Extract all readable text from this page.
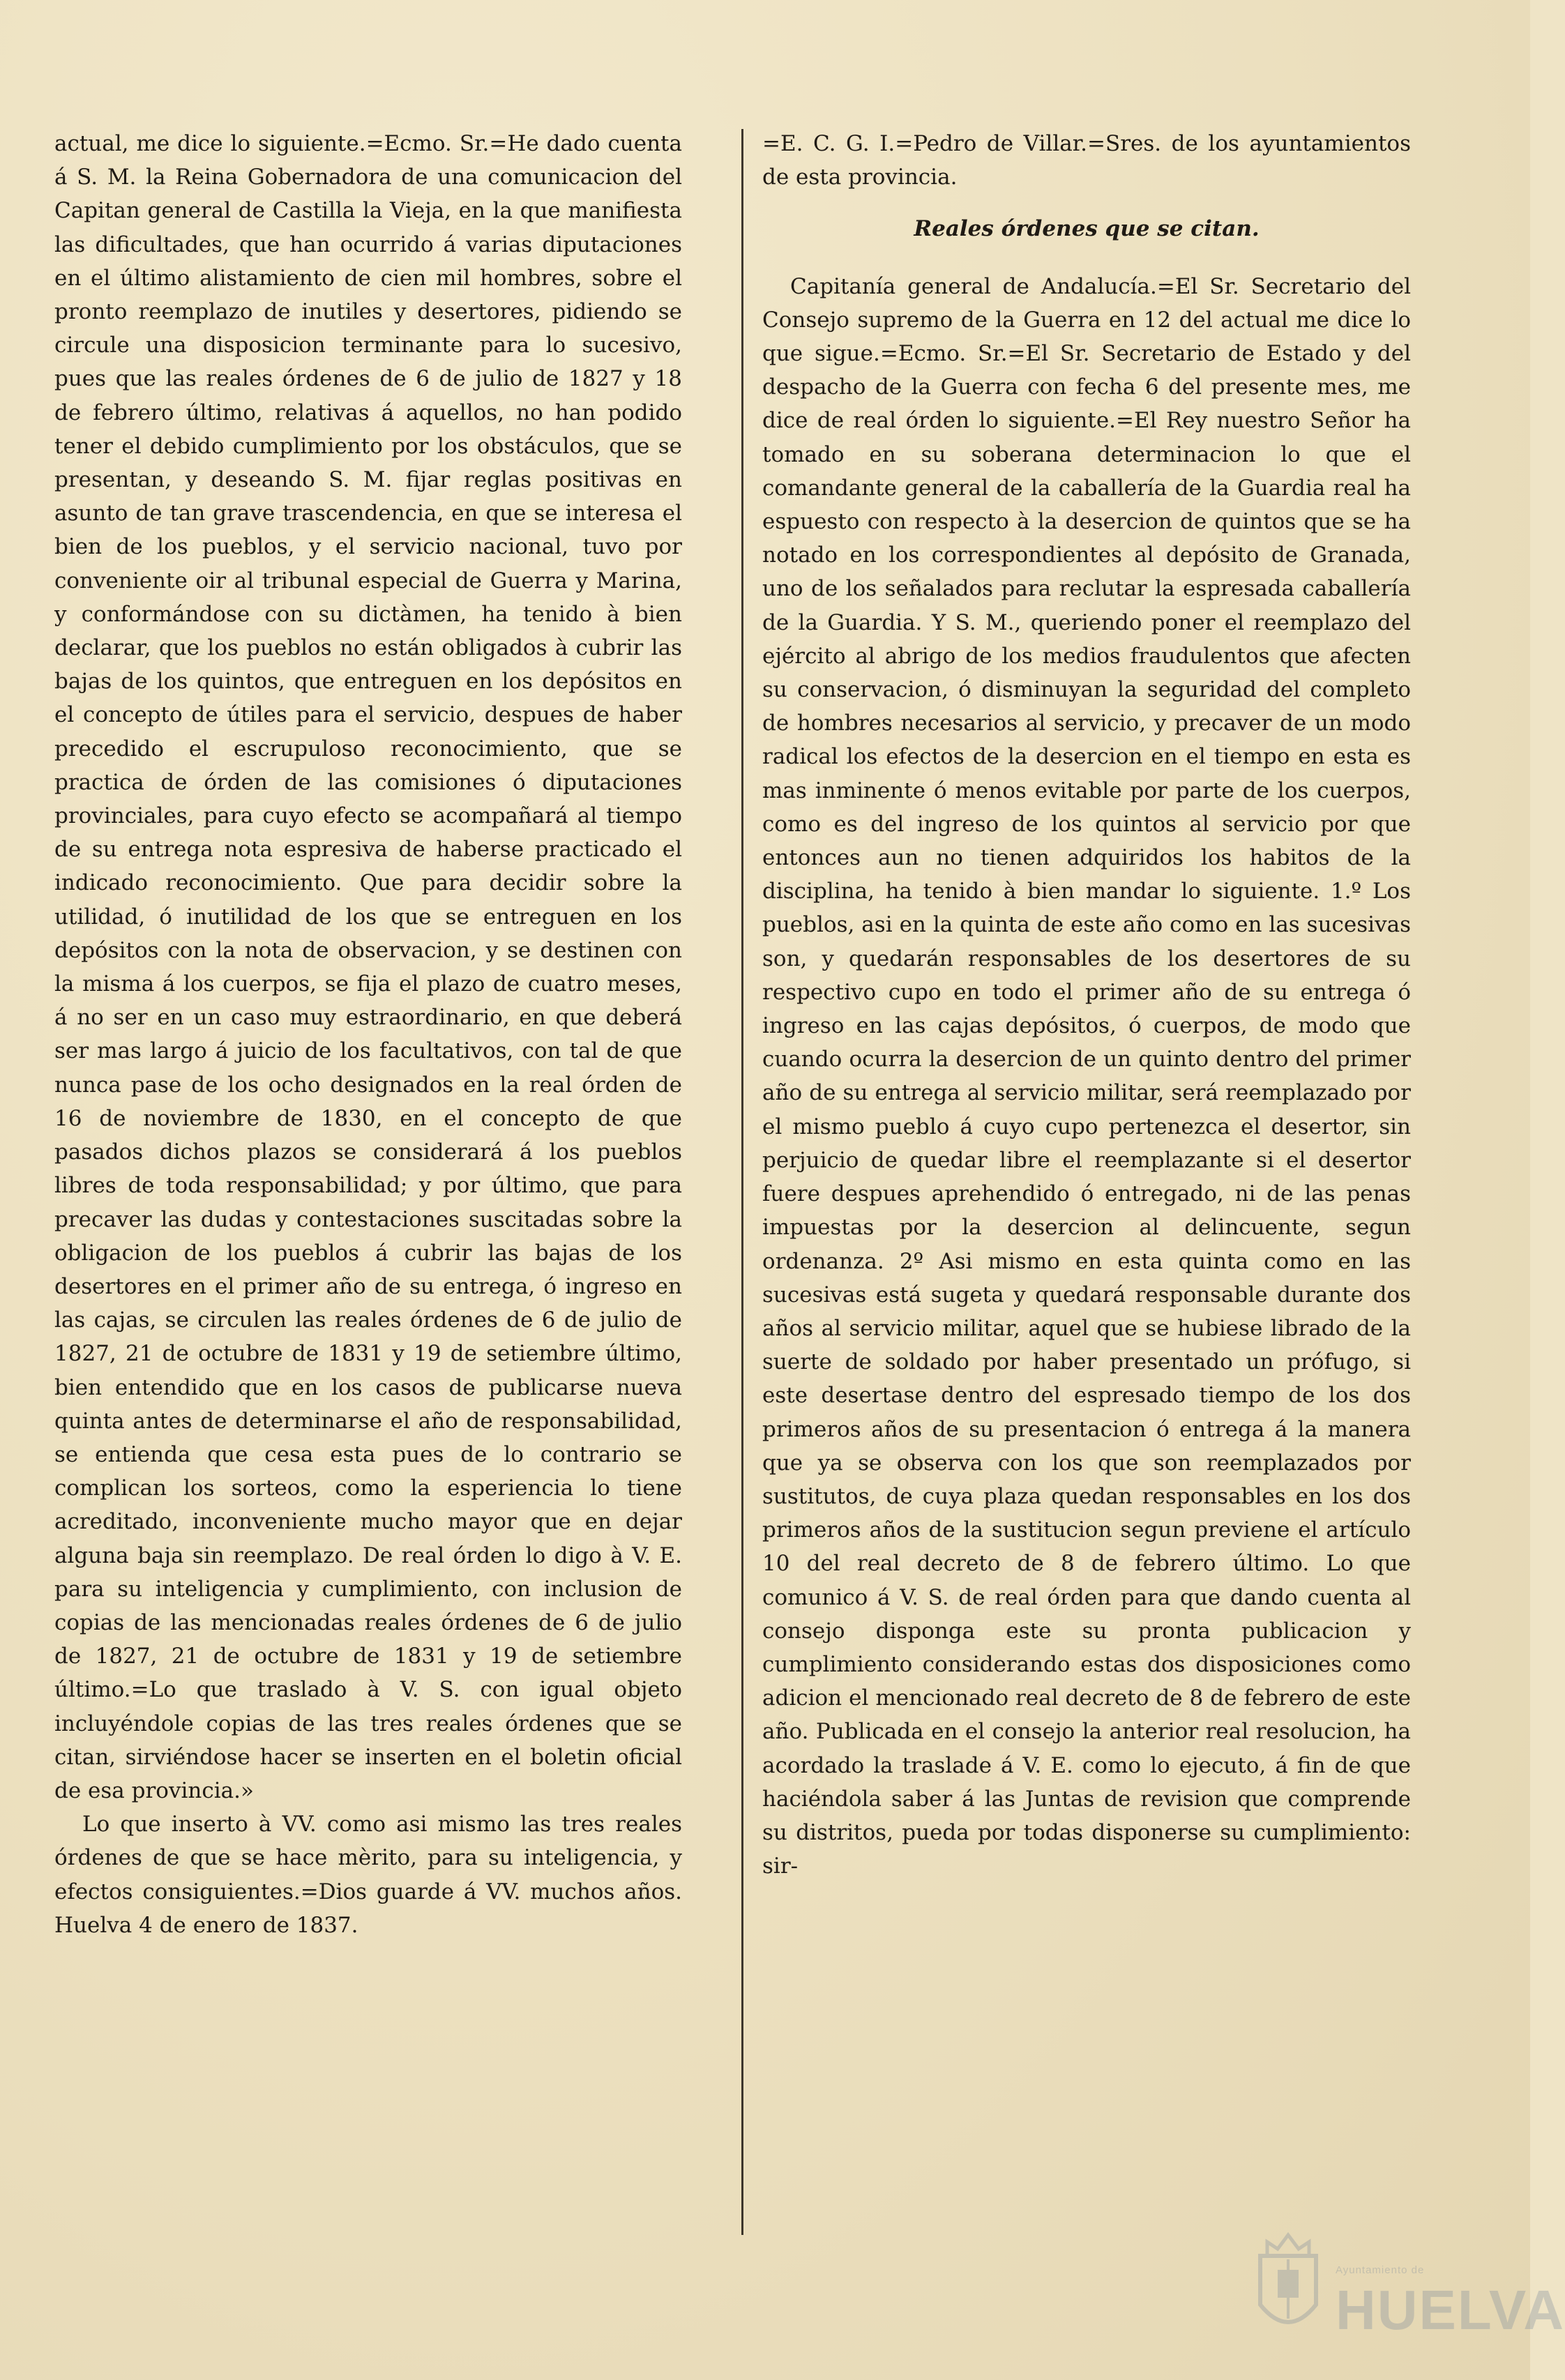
actual, me dice lo siguiente.=Ecmo. Sr.=He dado cuenta á S. M. la Reina Gobernadora de una comunicacion del Capitan general de Castilla la Vieja, en la que manifiesta las dificultades, que han ocurrido á varias diputaciones en el último alistamiento de cien mil hombres, sobre el pronto reemplazo de inutiles y desertores, pidiendo se circule una disposicion terminante para lo sucesivo, pues que las reales órdenes de 6 de julio de 1827 y 18 de febrero último, relativas á aquellos, no han podido tener el debido cumplimiento por los obstáculos, que se presentan, y deseando S. M. fijar reglas positivas en asunto de tan grave trascendencia, en que se interesa el bien de los pueblos, y el servicio nacional, tuvo por conveniente oir al tribunal especial de Guerra y Marina, y conformándose con su dictàmen, ha tenido à bien declarar, que los pueblos no están obligados à cubrir las bajas de los quintos, que entreguen en los depósitos en el concepto de útiles para el servicio, despues de haber precedido el escrupuloso reconocimiento, que se practica de órden de las comisiones ó diputaciones provinciales, para cuyo efecto se acompañará al tiempo de su entrega nota espresiva de haberse practicado el indicado reconocimiento. Que para decidir sobre la utilidad, ó inutilidad de los que se entreguen en los depósitos con la nota de observacion, y se destinen con la misma á los cuerpos, se fija el plazo de cuatro meses, á no ser en un caso muy estraordinario, en que deberá ser mas largo á juicio de los facultativos, con tal de que nunca pase de los ocho designados en la real órden de 16 de noviembre de 1830, en el concepto de que pasados dichos plazos se considerará á los pueblos libres de toda responsabilidad; y por último, que para precaver las dudas y contestaciones suscitadas sobre la obligacion de los pueblos á cubrir las bajas de los desertores en el primer año de su entrega, ó ingreso en las cajas, se circulen las reales órdenes de 6 de julio de 1827, 21 de octubre de 1831 y 19 de setiembre último, bien entendido que en los casos de publicarse nueva quinta antes de determinarse el año de responsabilidad, se entienda que cesa esta pues de lo contrario se complican los sorteos, como la esperiencia lo tiene acreditado, inconveniente mucho mayor que en dejar alguna baja sin reemplazo. De real órden lo digo à V. E. para su inteligencia y cumplimiento, con inclusion de copias de las mencionadas reales órdenes de 6 de julio de 1827, 21 de octubre de 1831 y 19 de setiembre último.=Lo que traslado à V. S. con igual objeto incluyéndole copias de las tres reales órdenes que se citan, sirviéndose hacer se inserten en el boletin oficial de esa provincia.»

Lo que inserto à VV. como asi mismo las tres reales órdenes de que se hace mèrito, para su inteligencia, y efectos consiguientes.=Dios guarde á VV. muchos años. Huelva 4 de enero de 1837.

=E. C. G. I.=Pedro de Villar.=Sres. de los ayuntamientos de esta provincia.

Reales órdenes que se citan.

Capitanía general de Andalucía.=El Sr. Secretario del Consejo supremo de la Guerra en 12 del actual me dice lo que sigue.=Ecmo. Sr.=El Sr. Secretario de Estado y del despacho de la Guerra con fecha 6 del presente mes, me dice de real órden lo siguiente.=El Rey nuestro Señor ha tomado en su soberana determinacion lo que el comandante general de la caballería de la Guardia real ha espuesto con respecto à la desercion de quintos que se ha notado en los correspondientes al depósito de Granada, uno de los señalados para reclutar la espresada caballería de la Guardia. Y S. M., queriendo poner el reemplazo del ejército al abrigo de los medios fraudulentos que afecten su conservacion, ó disminuyan la seguridad del completo de hombres necesarios al servicio, y precaver de un modo radical los efectos de la desercion en el tiempo en esta es mas inminente ó menos evitable por parte de los cuerpos, como es del ingreso de los quintos al servicio por que entonces aun no tienen adquiridos los habitos de la disciplina, ha tenido à bien mandar lo siguiente. 1.º Los pueblos, asi en la quinta de este año como en las sucesivas son, y quedarán responsables de los desertores de su respectivo cupo en todo el primer año de su entrega ó ingreso en las cajas depósitos, ó cuerpos, de modo que cuando ocurra la desercion de un quinto dentro del primer año de su entrega al servicio militar, será reemplazado por el mismo pueblo á cuyo cupo pertenezca el desertor, sin perjuicio de quedar libre el reemplazante si el desertor fuere despues aprehendido ó entregado, ni de las penas impuestas por la desercion al delincuente, segun ordenanza. 2º Asi mismo en esta quinta como en las sucesivas está sugeta y quedará responsable durante dos años al servicio militar, aquel que se hubiese librado de la suerte de soldado por haber presentado un prófugo, si este desertase dentro del espresado tiempo de los dos primeros años de su presentacion ó entrega á la manera que ya se observa con los que son reemplazados por sustitutos, de cuya plaza quedan responsables en los dos primeros años de la sustitucion segun previene el artículo 10 del real decreto de 8 de febrero último. Lo que comunico á V. S. de real órden para que dando cuenta al consejo disponga este su pronta publicacion y cumplimiento considerando estas dos disposiciones como adicion el mencionado real decreto de 8 de febrero de este año. Publicada en el consejo la anterior real resolucion, ha acordado la traslade á V. E. como lo ejecuto, á fin de que haciéndola saber á las Juntas de revision que comprende su distritos, pueda por todas disponerse su cumplimiento: sir-

Ayuntamiento de
HUELVA
